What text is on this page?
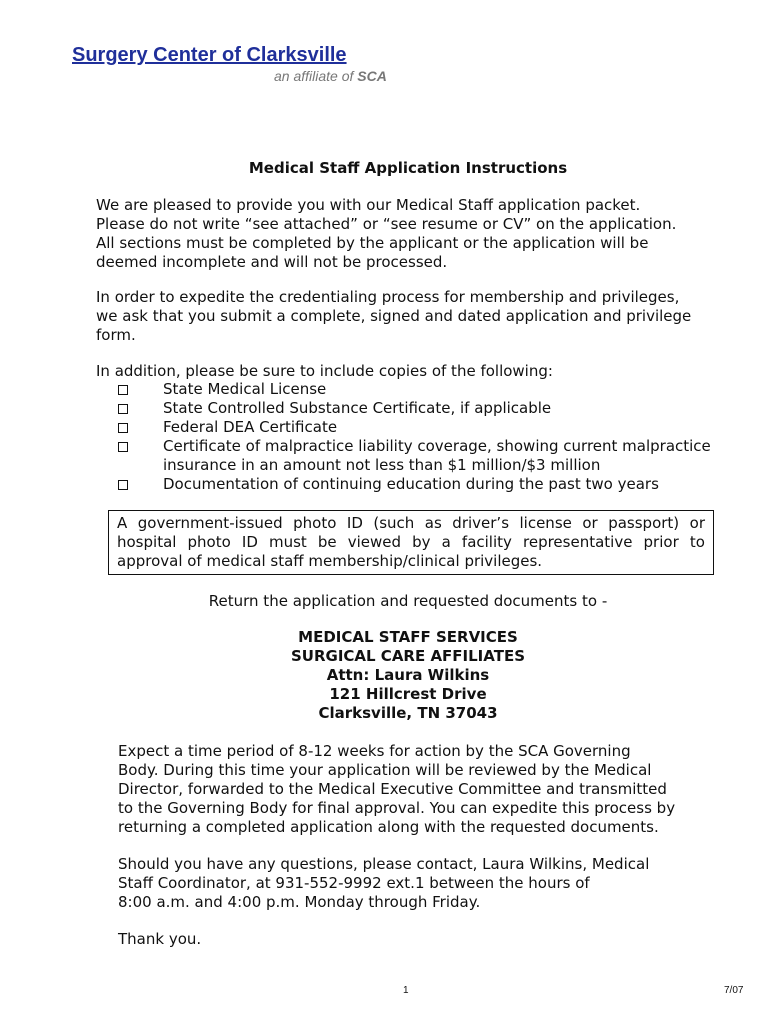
Surgery Center of Clarksville
an affiliate of SCA
Medical Staff Application Instructions
We are pleased to provide you with our Medical Staff application packet.
Please do not write “see attached” or “see resume or CV” on the application.
All sections must be completed by the applicant or the application will be
deemed incomplete and will not be processed.
In order to expedite the credentialing process for membership and privileges,
we ask that you submit a complete, signed and dated application and privilege
form.
In addition, please be sure to include copies of the following:
State Medical License
State Controlled Substance Certificate, if applicable
Federal DEA Certificate
Certificate of malpractice liability coverage, showing current malpractice
insurance in an amount not less than $1 million/$3 million
Documentation of continuing education during the past two years
A government-issued photo ID (such as driver’s license or passport) or
hospital photo ID must be viewed by a facility representative prior to
approval of medical staff membership/clinical privileges.
Return the application and requested documents to -
MEDICAL STAFF SERVICES
SURGICAL CARE AFFILIATES
Attn: Laura Wilkins
121 Hillcrest Drive
Clarksville, TN 37043
Expect a time period of 8-12 weeks for action by the SCA Governing
Body. During this time your application will be reviewed by the Medical
Director, forwarded to the Medical Executive Committee and transmitted
to the Governing Body for final approval. You can expedite this process by
returning a completed application along with the requested documents.
Should you have any questions, please contact, Laura Wilkins, Medical
Staff Coordinator, at 931-552-9992 ext.1 between the hours of
8:00 a.m. and 4:00 p.m. Monday through Friday.
Thank you.
1	7/07
